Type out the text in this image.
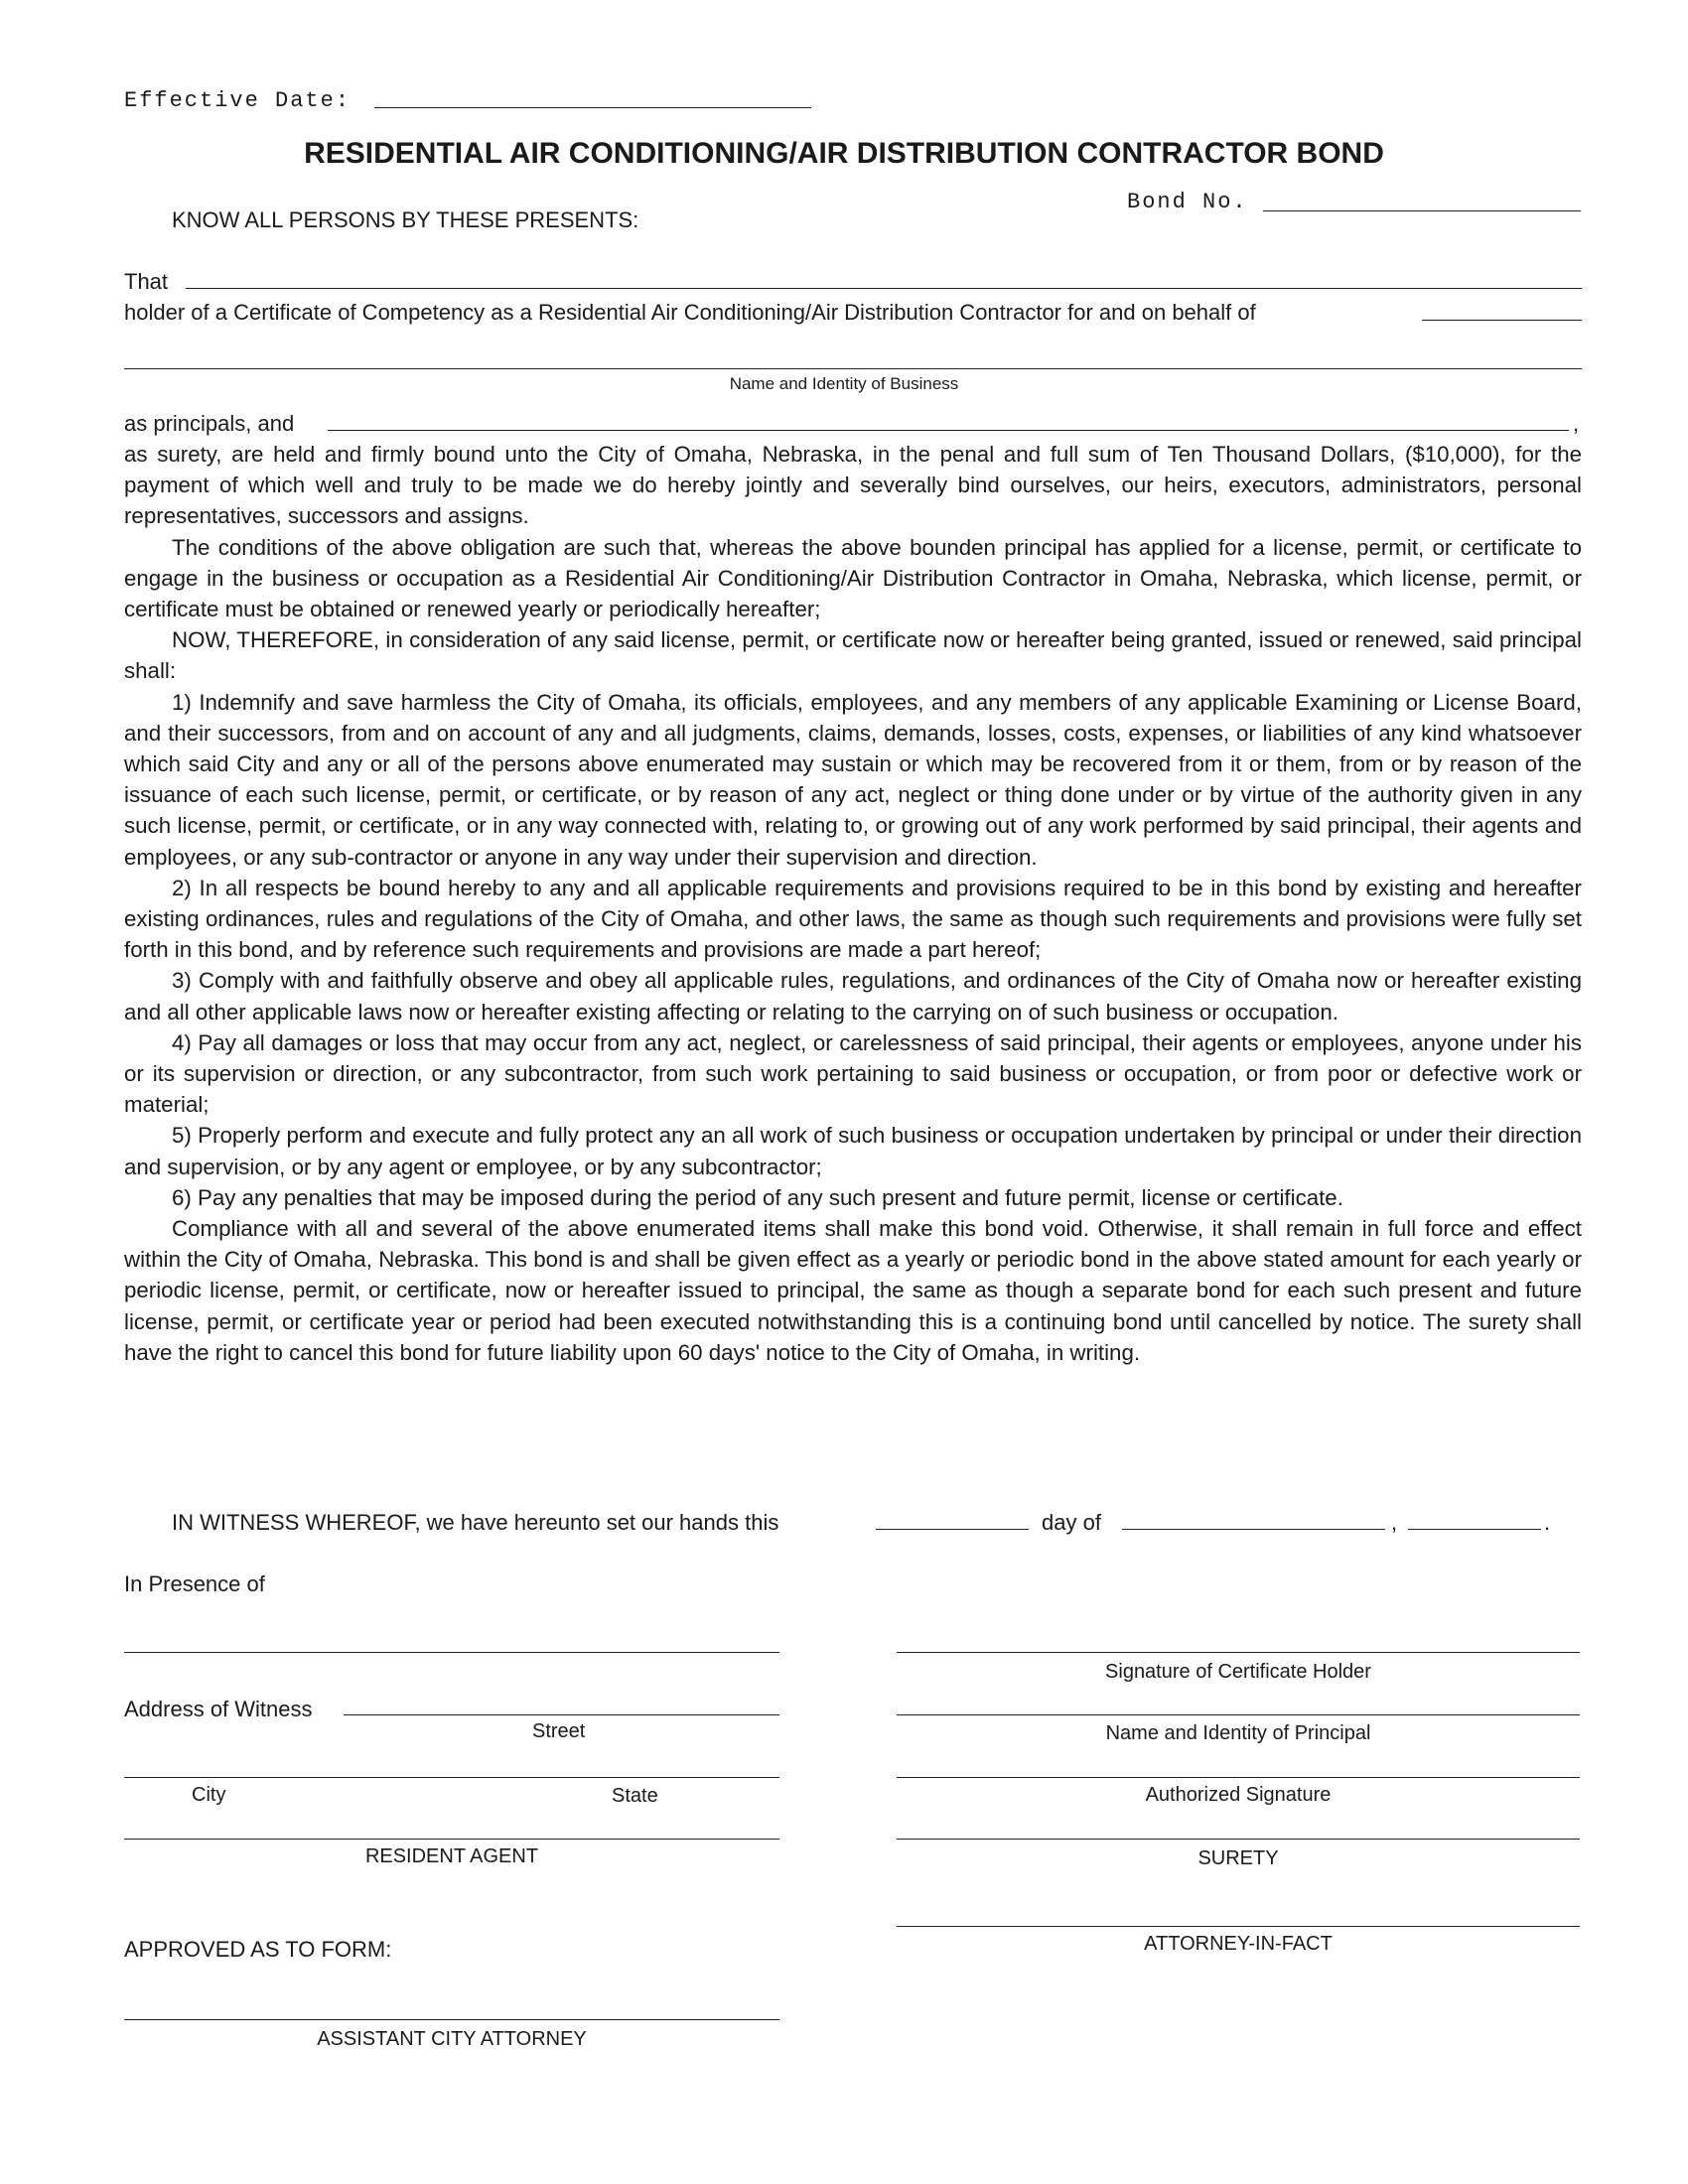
Effective Date:
RESIDENTIAL AIR CONDITIONING/AIR DISTRIBUTION CONTRACTOR BOND
Bond No.
KNOW ALL PERSONS BY THESE PRESENTS:
That
holder of a Certificate of Competency as a Residential Air Conditioning/Air Distribution Contractor for and on behalf of
Name and Identity of Business
as principals, and	,

as surety, are held and firmly bound unto the City of Omaha, Nebraska, in the penal and full sum of Ten Thousand Dollars, ($10,000), for the payment of which well and truly to be made we do hereby jointly and severally bind ourselves, our heirs, executors, administrators, personal representatives, successors and assigns.

The conditions of the above obligation are such that, whereas the above bounden principal has applied for a license, permit, or certificate to engage in the business or occupation as a Residential Air Conditioning/Air Distribution Contractor in Omaha, Nebraska, which license, permit, or certificate must be obtained or renewed yearly or periodically hereafter;

NOW, THEREFORE, in consideration of any said license, permit, or certificate now or hereafter being granted, issued or renewed, said principal shall:

1) Indemnify and save harmless the City of Omaha, its officials, employees, and any members of any applicable Examining or License Board, and their successors, from and on account of any and all judgments, claims, demands, losses, costs, expenses, or liabilities of any kind whatsoever which said City and any or all of the persons above enumerated may sustain or which may be recovered from it or them, from or by reason of the issuance of each such license, permit, or certificate, or by reason of any act, neglect or thing done under or by virtue of the authority given in any such license, permit, or certificate, or in any way connected with, relating to, or growing out of any work performed by said principal, their agents and employees, or any sub-contractor or anyone in any way under their supervision and direction.

2) In all respects be bound hereby to any and all applicable requirements and provisions required to be in this bond by existing and hereafter existing ordinances, rules and regulations of the City of Omaha, and other laws, the same as though such requirements and provisions were fully set forth in this bond, and by reference such requirements and provisions are made a part hereof;

3) Comply with and faithfully observe and obey all applicable rules, regulations, and ordinances of the City of Omaha now or hereafter existing and all other applicable laws now or hereafter existing affecting or relating to the carrying on of such business or occupation.

4) Pay all damages or loss that may occur from any act, neglect, or carelessness of said principal, their agents or employees, anyone under his or its supervision or direction, or any subcontractor, from such work pertaining to said business or occupation, or from poor or defective work or material;

5) Properly perform and execute and fully protect any an all work of such business or occupation undertaken by principal or under their direction and supervision, or by any agent or employee, or by any subcontractor;

6) Pay any penalties that may be imposed during the period of any such present and future permit, license or certificate.

Compliance with all and several of the above enumerated items shall make this bond void. Otherwise, it shall remain in full force and effect within the City of Omaha, Nebraska. This bond is and shall be given effect as a yearly or periodic bond in the above stated amount for each yearly or periodic license, permit, or certificate, now or hereafter issued to principal, the same as though a separate bond for each such present and future license, permit, or certificate year or period had been executed notwithstanding this is a continuing bond until cancelled by notice. The surety shall have the right to cancel this bond for future liability upon 60 days' notice to the City of Omaha, in writing.

IN WITNESS WHEREOF, we have hereunto set our hands this	day of	,	.
In Presence of
Address of Witness
Street
City	State
RESIDENT AGENT
APPROVED AS TO FORM:
ASSISTANT CITY ATTORNEY
Signature of Certificate Holder
Name and Identity of Principal
Authorized Signature
SURETY
ATTORNEY-IN-FACT
